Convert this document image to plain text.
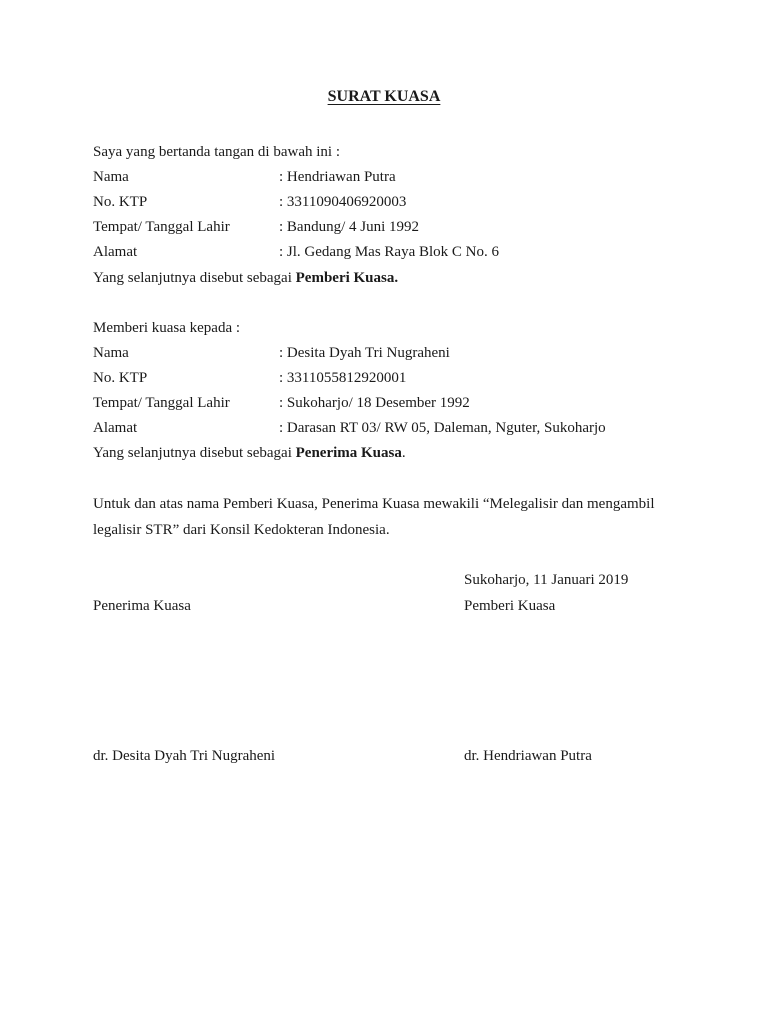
SURAT KUASA
Saya yang bertanda tangan di bawah ini :
Nama	: Hendriawan Putra
No. KTP	: 3311090406920003
Tempat/ Tanggal Lahir	: Bandung/ 4 Juni 1992
Alamat	: Jl. Gedang Mas Raya Blok C No. 6
Yang selanjutnya disebut sebagai Pemberi Kuasa.
Memberi kuasa kepada :
Nama	: Desita Dyah Tri Nugraheni
No. KTP	: 3311055812920001
Tempat/ Tanggal Lahir	: Sukoharjo/ 18 Desember 1992
Alamat	: Darasan RT 03/ RW 05, Daleman, Nguter, Sukoharjo
Yang selanjutnya disebut sebagai Penerima Kuasa.
Untuk dan atas nama Pemberi Kuasa, Penerima Kuasa mewakili “Melegalisir dan mengambil
legalisir STR” dari Konsil Kedokteran Indonesia.
Sukoharjo, 11 Januari 2019
Penerima Kuasa	Pemberi Kuasa
dr. Desita Dyah Tri Nugraheni	dr. Hendriawan Putra
